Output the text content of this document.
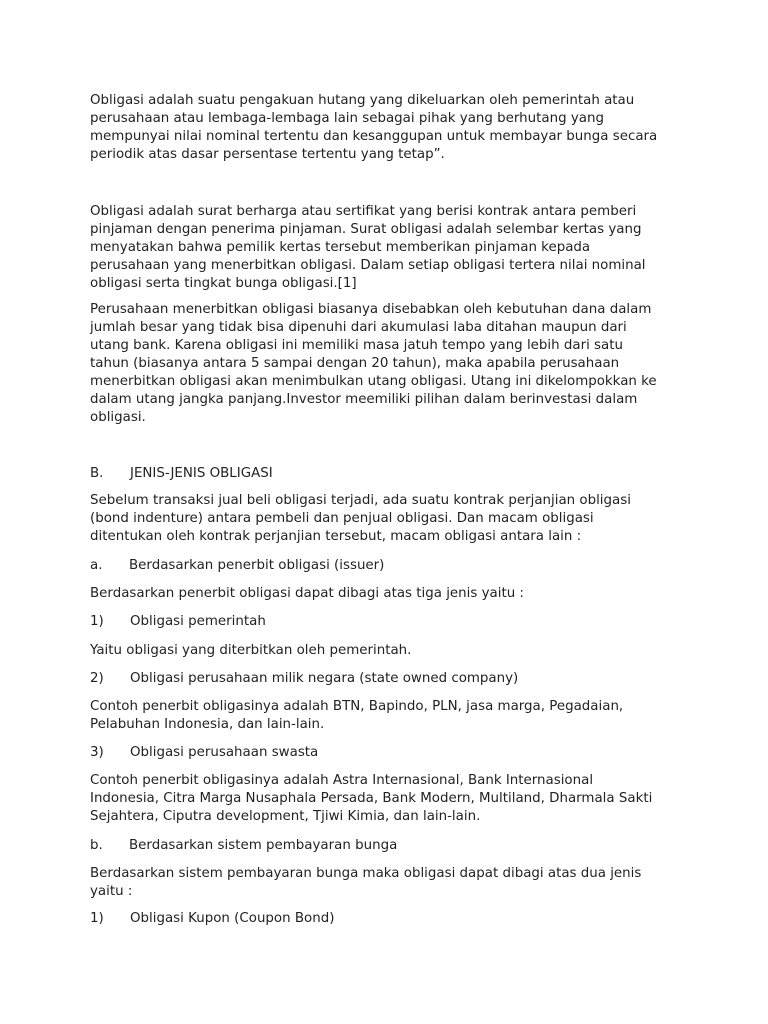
Obligasi adalah suatu pengakuan hutang yang dikeluarkan oleh pemerintah atau
perusahaan atau lembaga-lembaga lain sebagai pihak yang berhutang yang
mempunyai nilai nominal tertentu dan kesanggupan untuk membayar bunga secara
periodik atas dasar persentase tertentu yang tetap”.
Obligasi adalah surat berharga atau sertifikat yang berisi kontrak antara pemberi
pinjaman dengan penerima pinjaman. Surat obligasi adalah selembar kertas yang
menyatakan bahwa pemilik kertas tersebut memberikan pinjaman kepada
perusahaan yang menerbitkan obligasi. Dalam setiap obligasi tertera nilai nominal
obligasi serta tingkat bunga obligasi.[1]
Perusahaan menerbitkan obligasi biasanya disebabkan oleh kebutuhan dana dalam
jumlah besar yang tidak bisa dipenuhi dari akumulasi laba ditahan maupun dari
utang bank. Karena obligasi ini memiliki masa jatuh tempo yang lebih dari satu
tahun (biasanya antara 5 sampai dengan 20 tahun), maka apabila perusahaan
menerbitkan obligasi akan menimbulkan utang obligasi. Utang ini dikelompokkan ke
dalam utang jangka panjang.Investor meemiliki pilihan dalam berinvestasi dalam
obligasi.
B. JENIS-JENIS OBLIGASI
Sebelum transaksi jual beli obligasi terjadi, ada suatu kontrak perjanjian obligasi
(bond indenture) antara pembeli dan penjual obligasi. Dan macam obligasi
ditentukan oleh kontrak perjanjian tersebut, macam obligasi antara lain :
a. Berdasarkan penerbit obligasi (issuer)
Berdasarkan penerbit obligasi dapat dibagi atas tiga jenis yaitu :
1) Obligasi pemerintah
Yaitu obligasi yang diterbitkan oleh pemerintah.
2) Obligasi perusahaan milik negara (state owned company)
Contoh penerbit obligasinya adalah BTN, Bapindo, PLN, jasa marga, Pegadaian,
Pelabuhan Indonesia, dan lain-lain.
3) Obligasi perusahaan swasta
Contoh penerbit obligasinya adalah Astra Internasional, Bank Internasional
Indonesia, Citra Marga Nusaphala Persada, Bank Modern, Multiland, Dharmala Sakti
Sejahtera, Ciputra development, Tjiwi Kimia, dan lain-lain.
b. Berdasarkan sistem pembayaran bunga
Berdasarkan sistem pembayaran bunga maka obligasi dapat dibagi atas dua jenis
yaitu :
1) Obligasi Kupon (Coupon Bond)
